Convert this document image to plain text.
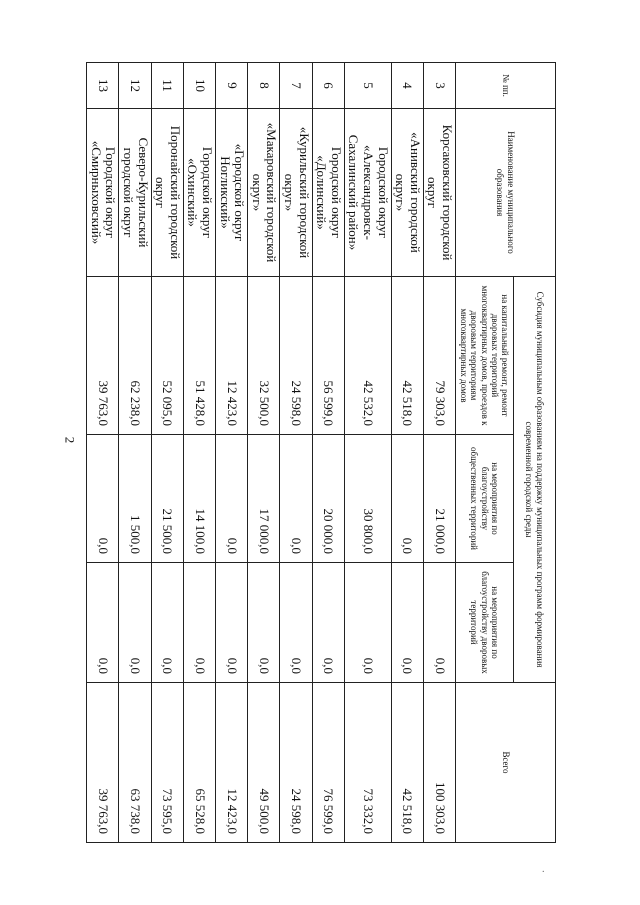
2
№ пп.	Наименование муниципального образования	Субсидия муниципальным образованиям на поддержку муниципальных программ формирования современной городской среды			Всего
		на капитальный ремонт, ремонт дворовых территорий многоквартирных домов, проездов к дворовым территориям многоквартирных домов	на мероприятия по благоустройству общественных территорий	на мероприятия по благоустройству дворовых территорий	
3	Корсаковский городской округ	79 303,0	21 000,0	0,0	100 303,0
4	«Анивский городской округ»	42 518,0	0,0	0,0	42 518,0
5	Городской округ «Александровск-Сахалинский район»	42 532,0	30 800,0	0,0	73 332,0
6	Городской округ «Долинский»	56 599,0	20 000,0	0,0	76 599,0
7	«Курильский городской округ»	24 598,0	0,0	0,0	24 598,0
8	«Макаровский городской округ»	32 500,0	17 000,0	0,0	49 500,0
9	«Городской округ Ногликский»	12 423,0	0,0	0,0	12 423,0
10	Городской округ «Охинский»	51 428,0	14 100,0	0,0	65 528,0
11	Поронайский городской округ	52 095,0	21 500,0	0,0	73 595,0
12	Северо-Курильский городской округ	62 238,0	1 500,0	0,0	63 738,0
13	Городской округ «Смирныховский»	39 763,0	0,0	0,0	39 763,0
.
